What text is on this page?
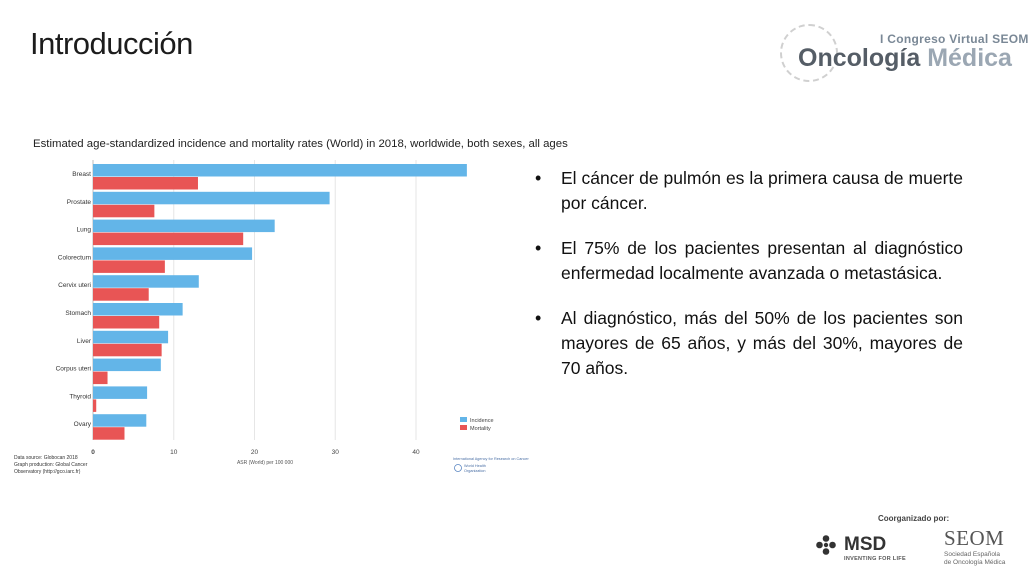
Introducción	I Congreso Virtual SEOM
Oncología Médica
Estimated age-standardized incidence and mortality rates (World) in 2018, worldwide, both sexes, all ages
0	10	20	30	40
Breast
Prostate
Lung
Colorectum
Cervix uteri
Stomach
Liver
Corpus uteri
Thyroid
Ovary
ASR (World) per 100 000
Incidence
Mortality
Data source: Globocan 2018
Graph production: Global Cancer
Observatory (http://gco.iarc.fr)
International Agency for Research on Cancer
World Health
Organization
• El cáncer de pulmón es la primera causa de muerte por cáncer.
• El 75% de los pacientes presentan al diagnóstico enfermedad localmente avanzada o metastásica.
• Al diagnóstico, más del 50% de los pacientes son mayores de 65 años, y más del 30%, mayores de 70 años.
Coorganizado por:
MSD
INVENTING FOR LIFE
SEOM
Sociedad Española
de Oncología Médica
